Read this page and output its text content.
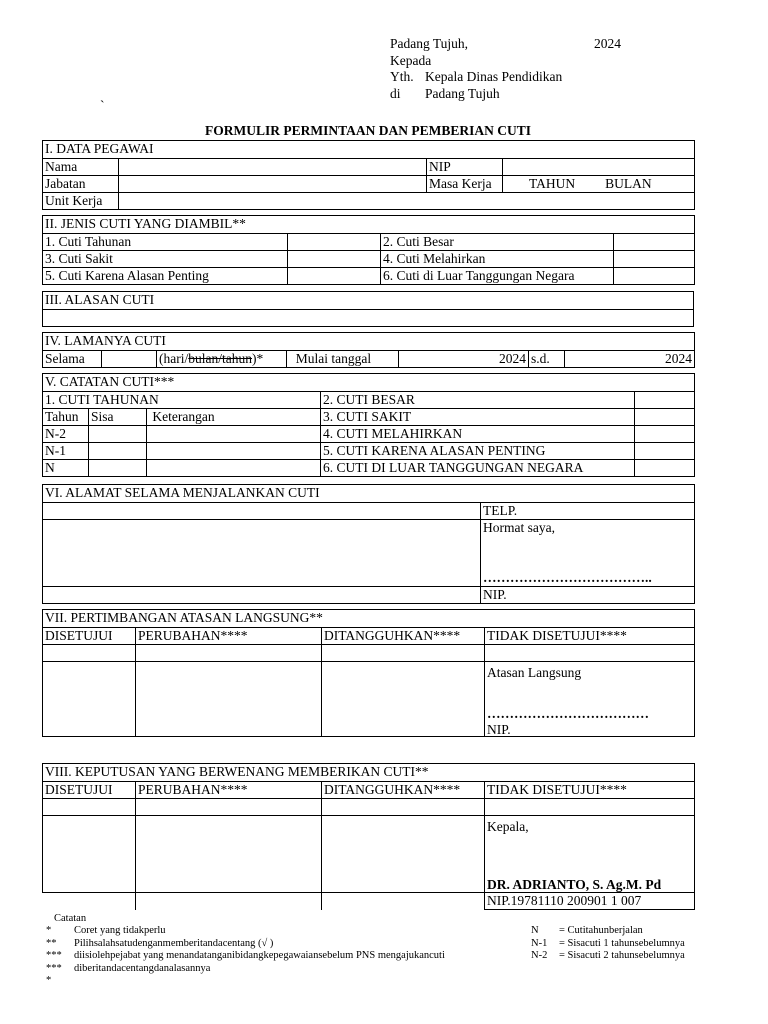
Padang Tujuh,	2024
Kepada
Yth. Kepala Dinas Pendidikan
di Padang Tujuh
`
FORMULIR PERMINTAAN DAN PEMBERIAN CUTI
I. DATA PEGAWAI			
Nama		NIP	
Jabatan		Masa Kerja	TAHUN BULAN
Unit Kerja			
II. JENIS CUTI YANG DIAMBIL**			
1. Cuti Tahunan		2. Cuti Besar	
3. Cuti Sakit		4. Cuti Melahirkan	
5. Cuti Karena Alasan Penting		6. Cuti di Luar Tanggungan Negara	
III. ALASAN CUTI

IV. LAMANYA CUTI
Selama		(hari/bulan/tahun)*	Mulai tanggal	2024	s.d.	2024
V. CATATAN CUTI***				
1. CUTI TAHUNAN			2. CUTI BESAR	
Tahun	Sisa	Keterangan	3. CUTI SAKIT	
N-2			4. CUTI MELAHIRKAN	
N-1			5. CUTI KARENA ALASAN PENTING	
N			6. CUTI DI LUAR TANGGUNGAN NEGARA	
VI. ALAMAT SELAMA MENJALANKAN CUTI	
	TELP.

	Hormat saya,
………………………………..

	NIP.
VII. PERTIMBANGAN ATASAN LANGSUNG**			
DISETUJUI	PERUBAHAN****	DITANGGUHKAN****	TIDAK DISETUJUI****

			Atasan Langsung
………………………………
NIP.
VIII. KEPUTUSAN YANG BERWENANG MEMBERIKAN CUTI**			
DISETUJUI	PERUBAHAN****	DITANGGUHKAN****	TIDAK DISETUJUI****

			Kepala,
DR. ADRIANTO, S. Ag.M. Pd

			NIP.19781110 200901 1 007
Catatan
* Coret yang tidakperlu
** Pilihsalahsatudenganmemberitandacentang (√ )
*** diisiolehpejabat yang menandatanganibidangkepegawaiansebelum PNS mengajukancuti
*** diberitandacentangdanalasannya
*
N = Cutitahunberjalan
N-1 = Sisacuti 1 tahunsebelumnya
N-2 = Sisacuti 2 tahunsebelumnya
